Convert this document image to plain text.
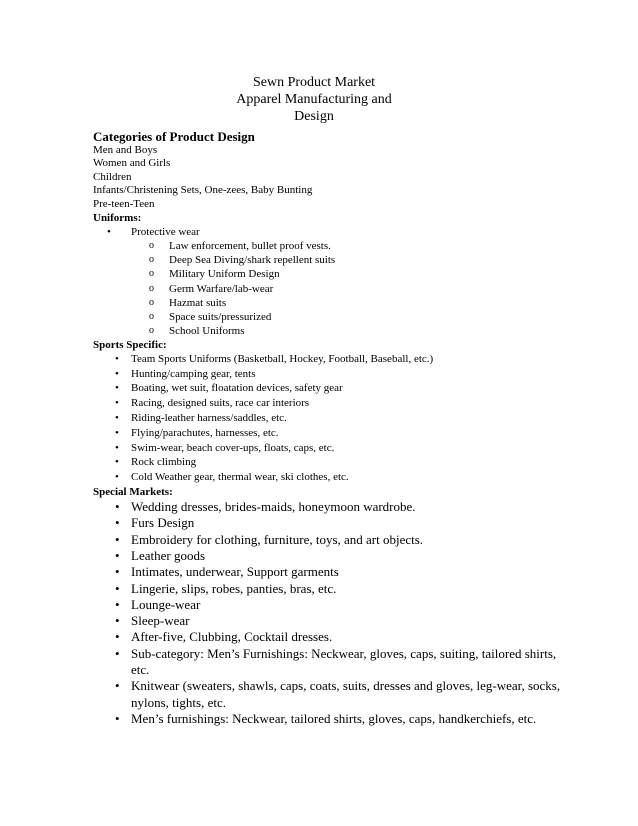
Sewn Product Market
Apparel Manufacturing and
Design
Categories of Product Design
Men and Boys
Women and Girls
Children
Infants/Christening Sets, One-zees, Baby Bunting
Pre-teen-Teen
Uniforms:
• Protective wear
o Law enforcement, bullet proof vests.
o Deep Sea Diving/shark repellent suits
o Military Uniform Design
o Germ Warfare/lab-wear
o Hazmat suits
o Space suits/pressurized
o School Uniforms
Sports Specific:
• Team Sports Uniforms (Basketball, Hockey, Football, Baseball, etc.)
• Hunting/camping gear, tents
• Boating, wet suit, floatation devices, safety gear
• Racing, designed suits, race car interiors
• Riding-leather harness/saddles, etc.
• Flying/parachutes, harnesses, etc.
• Swim-wear, beach cover-ups, floats, caps, etc.
• Rock climbing
• Cold Weather gear, thermal wear, ski clothes, etc.
Special Markets:
• Wedding dresses, brides-maids, honeymoon wardrobe.
• Furs Design
• Embroidery for clothing, furniture, toys, and art objects.
• Leather goods
• Intimates, underwear, Support garments
• Lingerie, slips, robes, panties, bras, etc.
• Lounge-wear
• Sleep-wear
• After-five, Clubbing, Cocktail dresses.
• Sub-category: Men’s Furnishings: Neckwear, gloves, caps, suiting, tailored shirts, etc.
• Knitwear (sweaters, shawls, caps, coats, suits, dresses and gloves, leg-wear, socks, nylons, tights, etc.
• Men’s furnishings: Neckwear, tailored shirts, gloves, caps, handkerchiefs, etc.
